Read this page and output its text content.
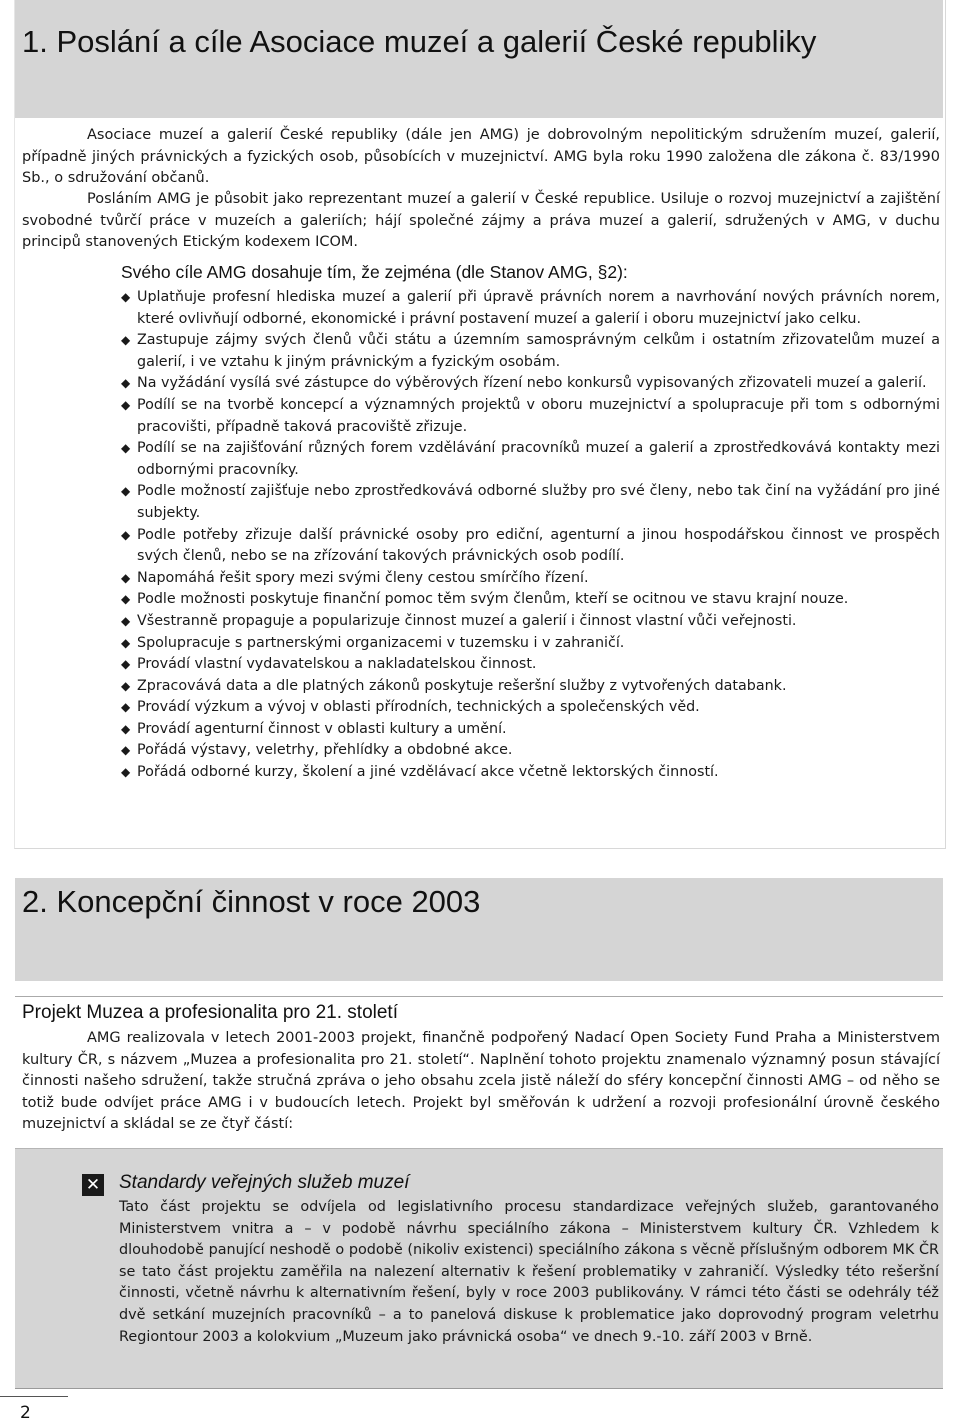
1. Poslání a cíle Asociace muzeí a galerií České republiky

Asociace muzeí a galerií České republiky (dále jen AMG) je dobrovolným nepolitickým sdružením muzeí, galerií, případně jiných právnických a fyzických osob, působících v muzejnictví. AMG byla roku 1990 založena dle zákona č. 83/1990 Sb., o sdružování občanů.

Posláním AMG je působit jako reprezentant muzeí a galerií v České republice. Usiluje o rozvoj muzejnictví a zajištění svobodné tvůrčí práce v muzeích a galeriích; hájí společné zájmy a práva muzeí a galerií, sdružených v AMG, v duchu principů stanovených Etickým kodexem ICOM.

Svého cíle AMG dosahuje tím, že zejména (dle Stanov AMG, §2):
◆ Uplatňuje profesní hlediska muzeí a galerií při úpravě právních norem a navrhování nových právních norem, které ovlivňují odborné, ekonomické i právní postavení muzeí a galerií i oboru muzejnictví jako celku.
◆ Zastupuje zájmy svých členů vůči státu a územním samosprávným celkům i ostatním zřizovatelům muzeí a galerií, i ve vztahu k jiným právnickým a fyzickým osobám.
◆ Na vyžádání vysílá své zástupce do výběrových řízení nebo konkursů vypisovaných zřizovateli muzeí a galerií.
◆ Podílí se na tvorbě koncepcí a významných projektů v oboru muzejnictví a spolupracuje při tom s odbornými pracovišti, případně taková pracoviště zřizuje.
◆ Podílí se na zajišťování různých forem vzdělávání pracovníků muzeí a galerií a zprostředkovává kontakty mezi odbornými pracovníky.
◆ Podle možností zajišťuje nebo zprostředkovává odborné služby pro své členy, nebo tak činí na vyžádání pro jiné subjekty.
◆ Podle potřeby zřizuje další právnické osoby pro ediční, agenturní a jinou hospodářskou činnost ve prospěch svých členů, nebo se na zřízování takových právnických osob podílí.
◆ Napomáhá řešit spory mezi svými členy cestou smírčího řízení.
◆ Podle možnosti poskytuje finanční pomoc těm svým členům, kteří se ocitnou ve stavu krajní nouze.
◆ Všestranně propaguje a popularizuje činnost muzeí a galerií i činnost vlastní vůči veřejnosti.
◆ Spolupracuje s partnerskými organizacemi v tuzemsku i v zahraničí.
◆ Provádí vlastní vydavatelskou a nakladatelskou činnost.
◆ Zpracovává data a dle platných zákonů poskytuje rešeršní služby z vytvořených databank.
◆ Provádí výzkum a vývoj v oblasti přírodních, technických a společenských věd.
◆ Provádí agenturní činnost v oblasti kultury a umění.
◆ Pořádá výstavy, veletrhy, přehlídky a obdobné akce.
◆ Pořádá odborné kurzy, školení a jiné vzdělávací akce včetně lektorských činností.
2. Koncepční činnost v roce 2003
Projekt Muzea a profesionalita pro 21. století

AMG realizovala v letech 2001-2003 projekt, finančně podpořený Nadací Open Society Fund Praha a Ministerstvem kultury ČR, s názvem „Muzea a profesionalita pro 21. století“. Naplnění tohoto projektu znamenalo významný posun stávající činnosti našeho sdružení, takže stručná zpráva o jeho obsahu zcela jistě náleží do sféry koncepční činnosti AMG – od něho se totiž bude odvíjet práce AMG i v budoucích letech. Projekt byl směřován k udržení a rozvoji profesionální úrovně českého muzejnictví a skládal se ze čtyř částí:

✕ Standardy veřejných služeb muzeí

Tato část projektu se odvíjela od legislativního procesu standardizace veřejných služeb, garantovaného Ministerstvem vnitra a – v podobě návrhu speciálního zákona – Ministerstvem kultury ČR. Vzhledem k dlouhodobě panující neshodě o podobě (nikoliv existenci) speciálního zákona s věcně příslušným odborem MK ČR se tato část projektu zaměřila na nalezení alternativ k řešení problematiky v zahraničí. Výsledky této rešeršní činnosti, včetně návrhu k alternativním řešení, byly v roce 2003 publikovány. V rámci této části se odehrály též dvě setkání muzejních pracovníků – a to panelová diskuse k problematice jako doprovodný program veletrhu Regiontour 2003 a kolokvium „Muzeum jako právnická osoba“ ve dnech 9.-10. září 2003 v Brně.

2
